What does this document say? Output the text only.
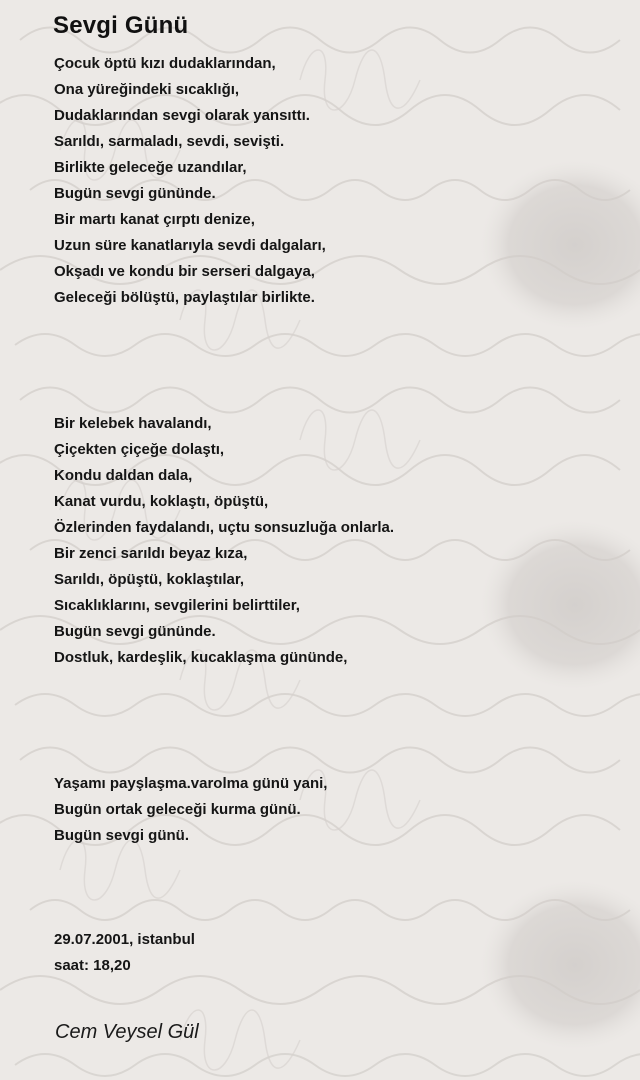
Sevgi Günü
Çocuk öptü kızı dudaklarından,
Ona yüreğindeki sıcaklığı,
Dudaklarından sevgi olarak yansıttı.
Sarıldı, sarmaladı, sevdi, sevişti.
Birlikte geleceğe uzandılar,
Bugün sevgi gününde.
Bir martı kanat çırptı denize,
Uzun süre kanatlarıyla sevdi dalgaları,
Okşadı ve kondu bir serseri dalgaya,
Geleceği bölüştü, paylaştılar birlikte.
Bir kelebek havalandı,
Çiçekten çiçeğe dolaştı,
Kondu daldan dala,
Kanat vurdu, koklaştı, öpüştü,
Özlerinden faydalandı, uçtu sonsuzluğa onlarla.
Bir zenci sarıldı beyaz kıza,
Sarıldı, öpüştü, koklaştılar,
Sıcaklıklarını, sevgilerini belirttiler,
Bugün sevgi gününde.
Dostluk, kardeşlik, kucaklaşma gününde,
Yaşamı payşlaşma.varolma günü yani,
Bugün ortak geleceği kurma günü.
Bugün sevgi günü.
29.07.2001, istanbul
saat: 18,20

Cem Veysel Gül
